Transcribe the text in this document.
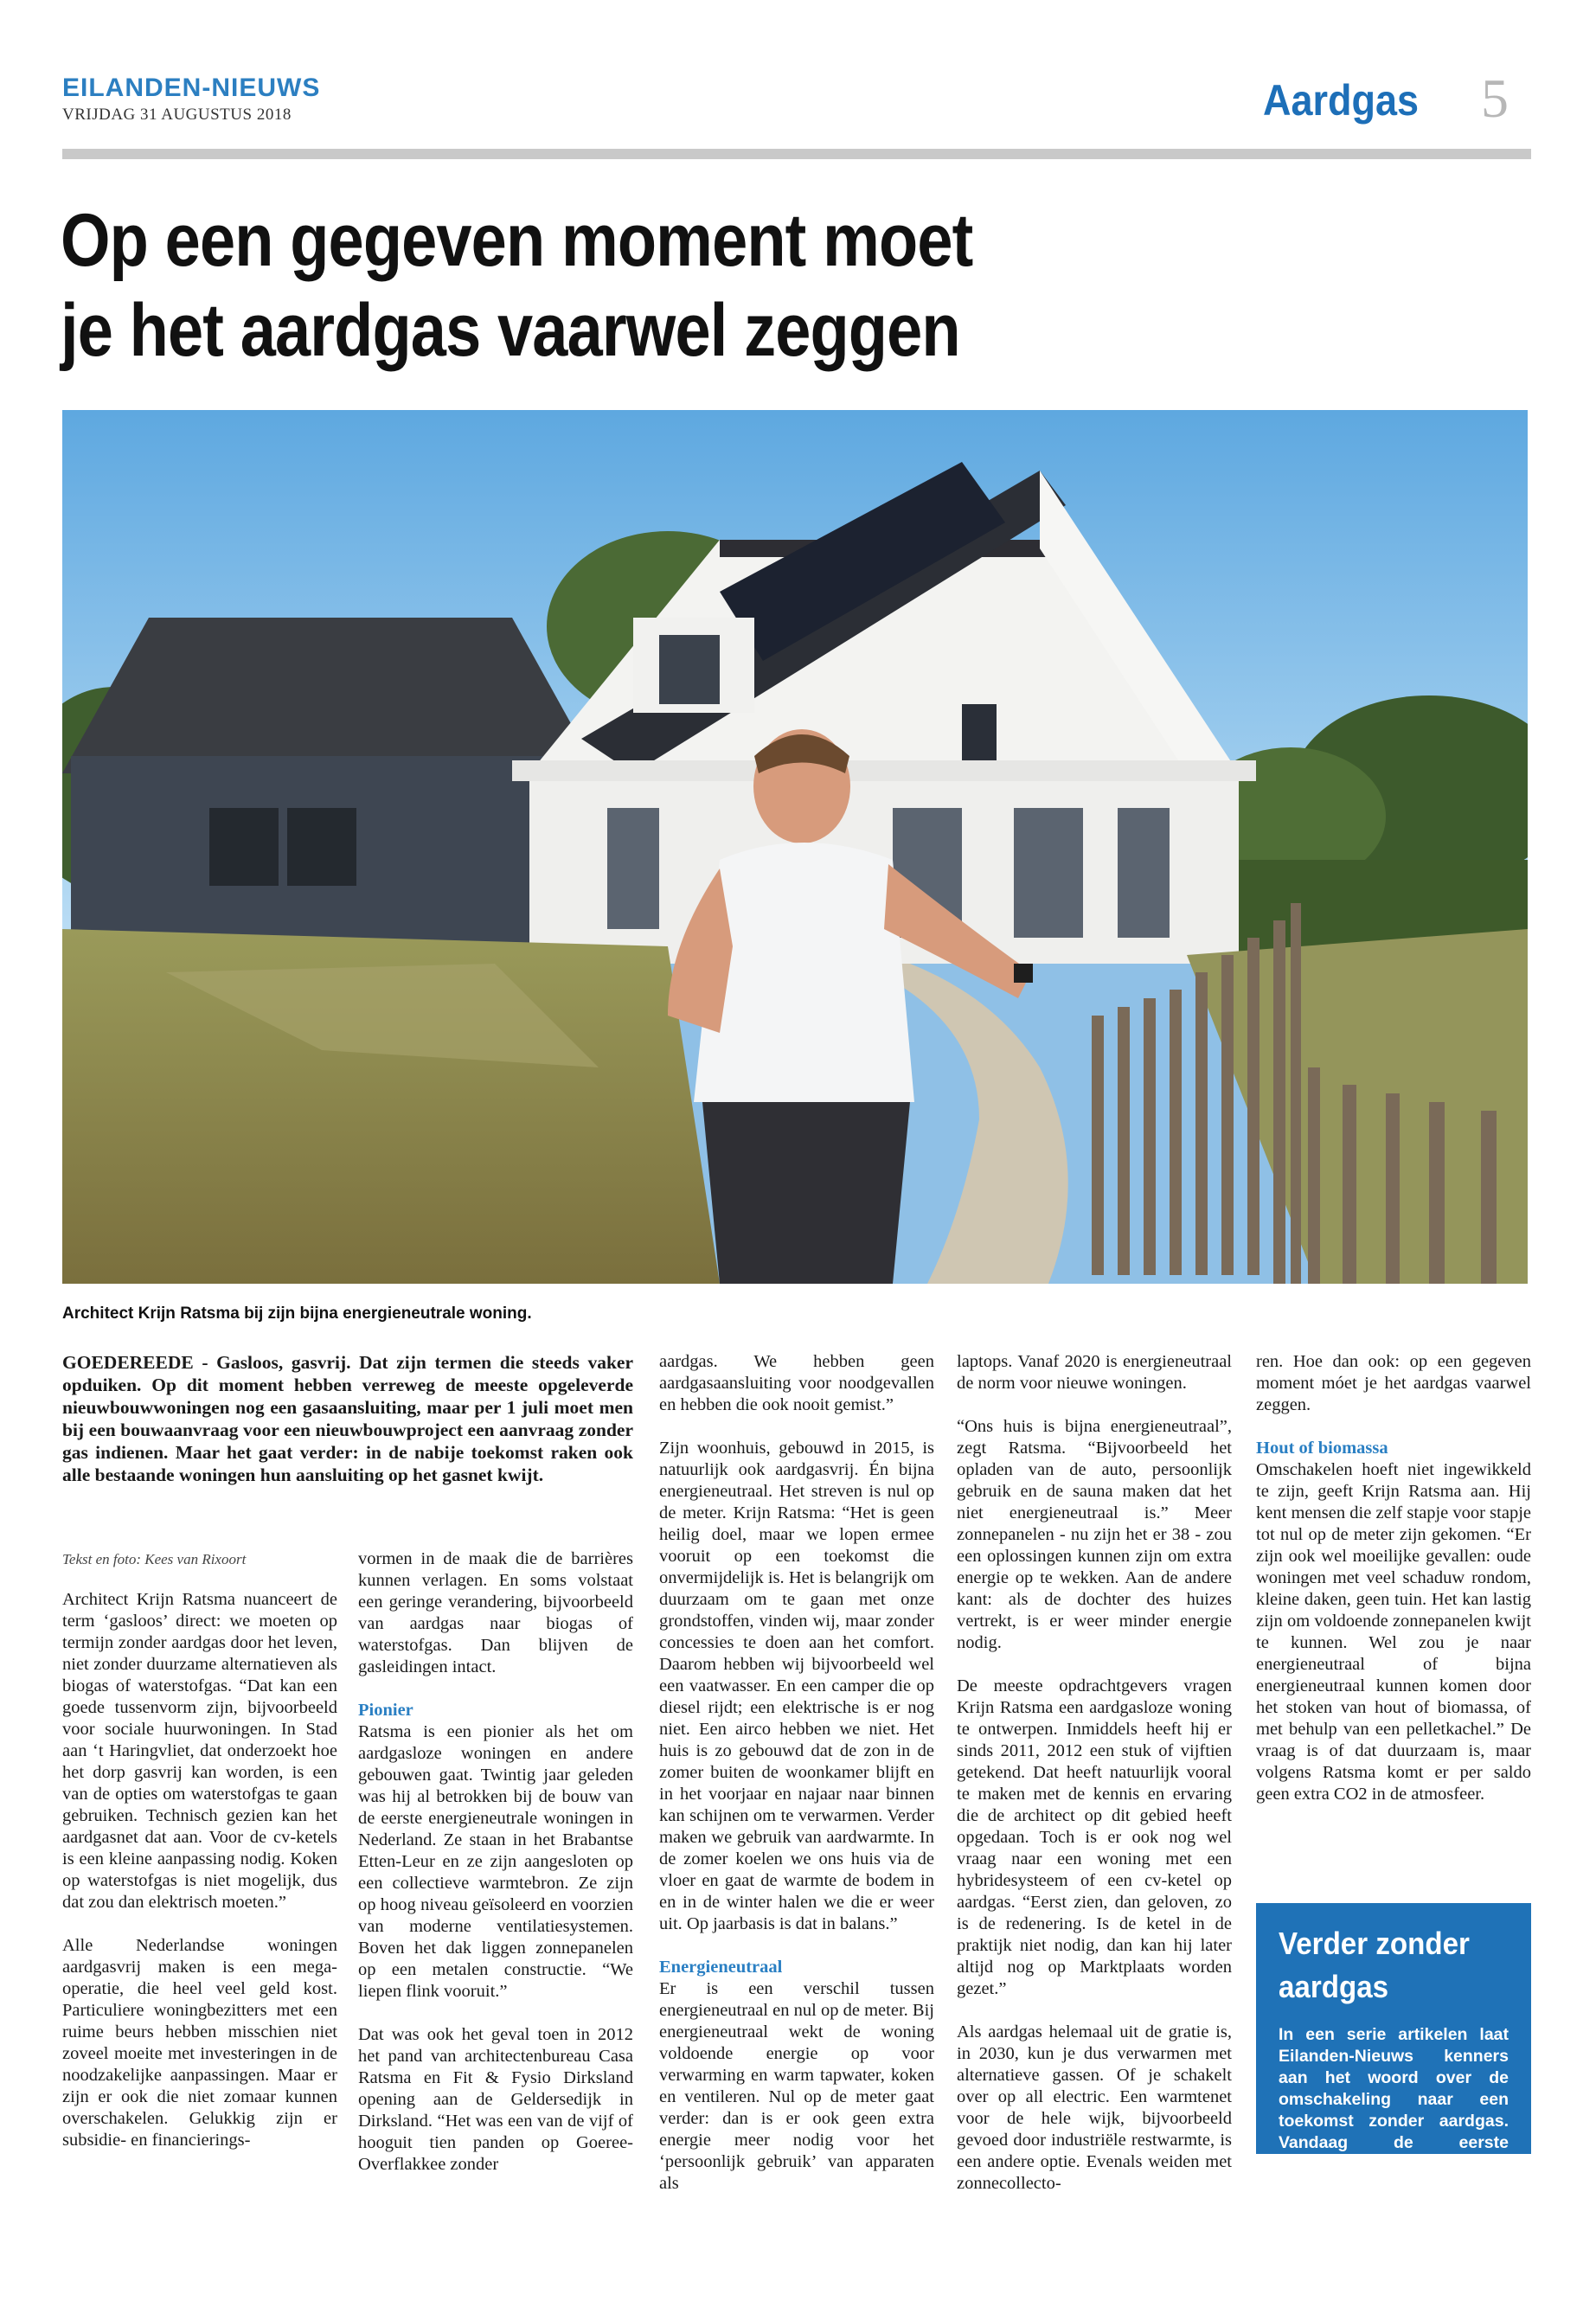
EILANDEN-NIEUWS
VRIJDAG 31 AUGUSTUS 2018	Aardgas 5
Op een gegeven moment moet
je het aardgas vaarwel zeggen
Architect Krijn Ratsma bij zijn bijna energieneutrale woning.

GOEDEREEDE - Gasloos, gasvrij. Dat zijn termen die steeds vaker opduiken. Op dit moment hebben verreweg de meeste opgeleverde nieuwbouwwoningen nog een gasaansluiting, maar per 1 juli moet men bij een bouwaanvraag voor een nieuwbouwproject een aanvraag zonder gas indienen. Maar het gaat verder: in de nabije toekomst raken ook alle bestaande woningen hun aansluiting op het gasnet kwijt.

Tekst en foto: Kees van Rixoort

Architect Krijn Ratsma nuanceert de term ‘gasloos’ direct: we moeten op termijn zonder aardgas door het leven, niet zonder duurzame alternatieven als biogas of waterstofgas. “Dat kan een goede tussenvorm zijn, bijvoorbeeld voor sociale huurwoningen. In Stad aan ‘t Haringvliet, dat onderzoekt hoe het dorp gasvrij kan worden, is een van de opties om waterstofgas te gaan gebruiken. Technisch gezien kan het aardgasnet dat aan. Voor de cv-ketels is een kleine aanpassing nodig. Koken op waterstofgas is niet mogelijk, dus dat zou dan elektrisch moeten.”

Alle Nederlandse woningen aardgasvrij maken is een mega-operatie, die heel veel geld kost. Particuliere woningbezitters met een ruime beurs hebben misschien niet zoveel moeite met investeringen in de noodzakelijke aanpassingen. Maar er zijn er ook die niet zomaar kunnen overschakelen. Gelukkig zijn er subsidie- en financierings-

vormen in de maak die de barrières kunnen verlagen. En soms volstaat een geringe verandering, bijvoorbeeld van aardgas naar biogas of waterstofgas. Dan blijven de gasleidingen intact.

Pionier

Ratsma is een pionier als het om aardgasloze woningen en andere gebouwen gaat. Twintig jaar geleden was hij al betrokken bij de bouw van de eerste energieneutrale woningen in Nederland. Ze staan in het Brabantse Etten-Leur en ze zijn aangesloten op een collectieve warmtebron. Ze zijn op hoog niveau geïsoleerd en voorzien van moderne ventilatiesystemen. Boven het dak liggen zonnepanelen op een metalen constructie. “We liepen flink vooruit.”

Dat was ook het geval toen in 2012 het pand van architectenbureau Casa Ratsma en Fit & Fysio Dirksland opening aan de Geldersedijk in Dirksland. “Het was een van de vijf of hooguit tien panden op Goeree-Overflakkee zonder

aardgas. We hebben geen aardgasaansluiting voor noodgevallen en hebben die ook nooit gemist.”

Zijn woonhuis, gebouwd in 2015, is natuurlijk ook aardgasvrij. Én bijna energieneutraal. Het streven is nul op de meter. Krijn Ratsma: “Het is geen heilig doel, maar we lopen ermee vooruit op een toekomst die onvermijdelijk is. Het is belangrijk om duurzaam om te gaan met onze grondstoffen, vinden wij, maar zonder concessies te doen aan het comfort. Daarom hebben wij bijvoorbeeld wel een vaatwasser. En een camper die op diesel rijdt; een elektrische is er nog niet. Een airco hebben we niet. Het huis is zo gebouwd dat de zon in de zomer buiten de woonkamer blijft en in het voorjaar en najaar naar binnen kan schijnen om te verwarmen. Verder maken we gebruik van aardwarmte. In de zomer koelen we ons huis via de vloer en gaat de warmte de bodem in en in de winter halen we die er weer uit. Op jaarbasis is dat in balans.”

Energieneutraal

Er is een verschil tussen energieneutraal en nul op de meter. Bij energieneutraal wekt de woning voldoende energie op voor verwarming en warm tapwater, koken en ventileren. Nul op de meter gaat verder: dan is er ook geen extra energie meer nodig voor het ‘persoonlijk gebruik’ van apparaten als

laptops. Vanaf 2020 is energieneutraal de norm voor nieuwe woningen.

“Ons huis is bijna energieneutraal”, zegt Ratsma. “Bijvoorbeeld het opladen van de auto, persoonlijk gebruik en de sauna maken dat het niet energieneutraal is.” Meer zonnepanelen - nu zijn het er 38 - zou een oplossingen kunnen zijn om extra energie op te wekken. Aan de andere kant: als de dochter des huizes vertrekt, is er weer minder energie nodig.

De meeste opdrachtgevers vragen Krijn Ratsma een aardgasloze woning te ontwerpen. Inmiddels heeft hij er sinds 2011, 2012 een stuk of vijftien getekend. Dat heeft natuurlijk vooral te maken met de kennis en ervaring die de architect op dit gebied heeft opgedaan. Toch is er ook nog wel vraag naar een woning met een hybridesysteem of een cv-ketel op aardgas. “Eerst zien, dan geloven, zo is de redenering. Is de ketel in de praktijk niet nodig, dan kan hij later altijd nog op Marktplaats worden gezet.”

Als aardgas helemaal uit de gratie is, in 2030, kun je dus verwarmen met alternatieve gassen. Of je schakelt over op all electric. Een warmtenet voor de hele wijk, bijvoorbeeld gevoed door industriële restwarmte, is een andere optie. Evenals weiden met zonnecollecto-

ren. Hoe dan ook: op een gegeven moment móet je het aardgas vaarwel zeggen.

Hout of biomassa

Omschakelen hoeft niet ingewikkeld te zijn, geeft Krijn Ratsma aan. Hij kent mensen die zelf stapje voor stapje tot nul op de meter zijn gekomen. “Er zijn ook wel moeilijke gevallen: oude woningen met veel schaduw rondom, kleine daken, geen tuin. Het kan lastig zijn om voldoende zonnepanelen kwijt te kunnen. Wel zou je naar energieneutraal of bijna energieneutraal kunnen komen door het stoken van hout of biomassa, of met behulp van een pelletkachel.” De vraag is of dat duurzaam is, maar volgens Ratsma komt er per saldo geen extra CO2 in de atmosfeer.

Verder zonder aardgas
In een serie artikelen laat Eilanden-Nieuws kenners aan het woord over de omschakeling naar een toekomst zonder aardgas. Vandaag de eerste aflevering met architect Krijn Ratsma.
